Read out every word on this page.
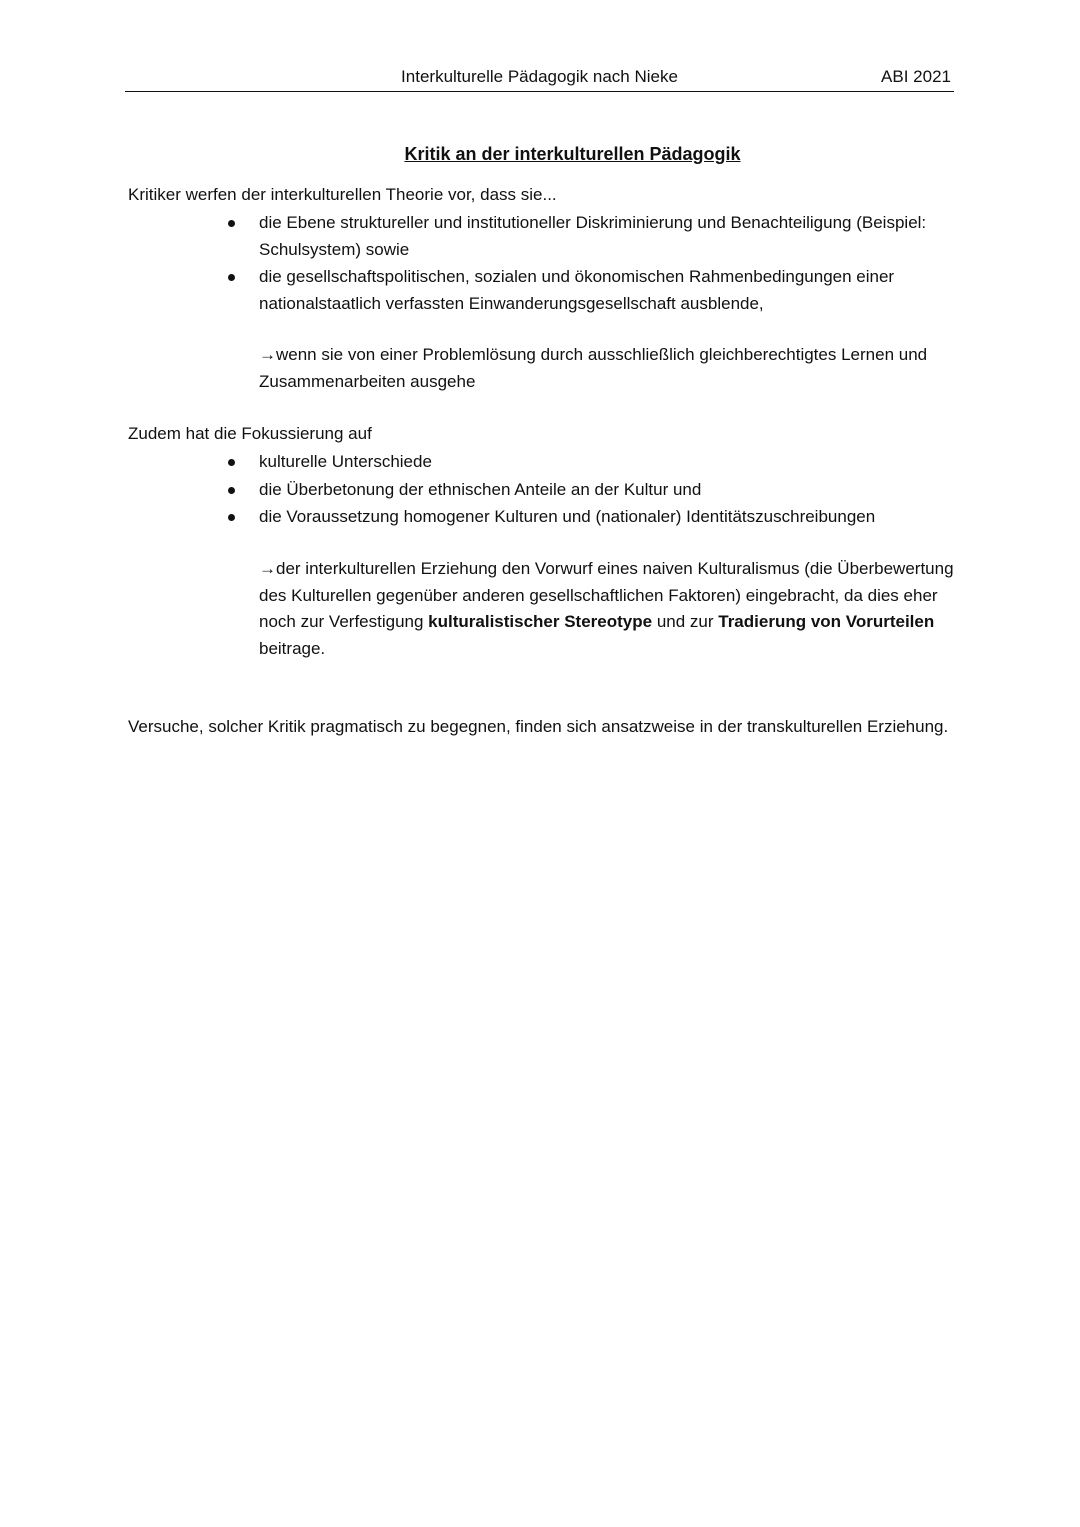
Interkulturelle Pädagogik nach Nieke	ABI 2021
Kritik an der interkulturellen Pädagogik
Kritiker werfen der interkulturellen Theorie vor, dass sie...
die Ebene struktureller und institutioneller Diskriminierung und Benachteiligung (Beispiel: Schulsystem) sowie
die gesellschaftspolitischen, sozialen und ökonomischen Rahmenbedingungen einer nationalstaatlich verfassten Einwanderungsgesellschaft ausblende,
→wenn sie von einer Problemlösung durch ausschließlich gleichberechtigtes Lernen und Zusammenarbeiten ausgehe
Zudem hat die Fokussierung auf
kulturelle Unterschiede
die Überbetonung der ethnischen Anteile an der Kultur und
die Voraussetzung homogener Kulturen und (nationaler) Identitätszuschreibungen
→der interkulturellen Erziehung den Vorwurf eines naiven Kulturalismus (die Überbewertung des Kulturellen gegenüber anderen gesellschaftlichen Faktoren) eingebracht, da dies eher noch zur Verfestigung kulturalistischer Stereotype und zur Tradierung von Vorurteilen beitrage.
Versuche, solcher Kritik pragmatisch zu begegnen, finden sich ansatzweise in der transkulturellen Erziehung.
